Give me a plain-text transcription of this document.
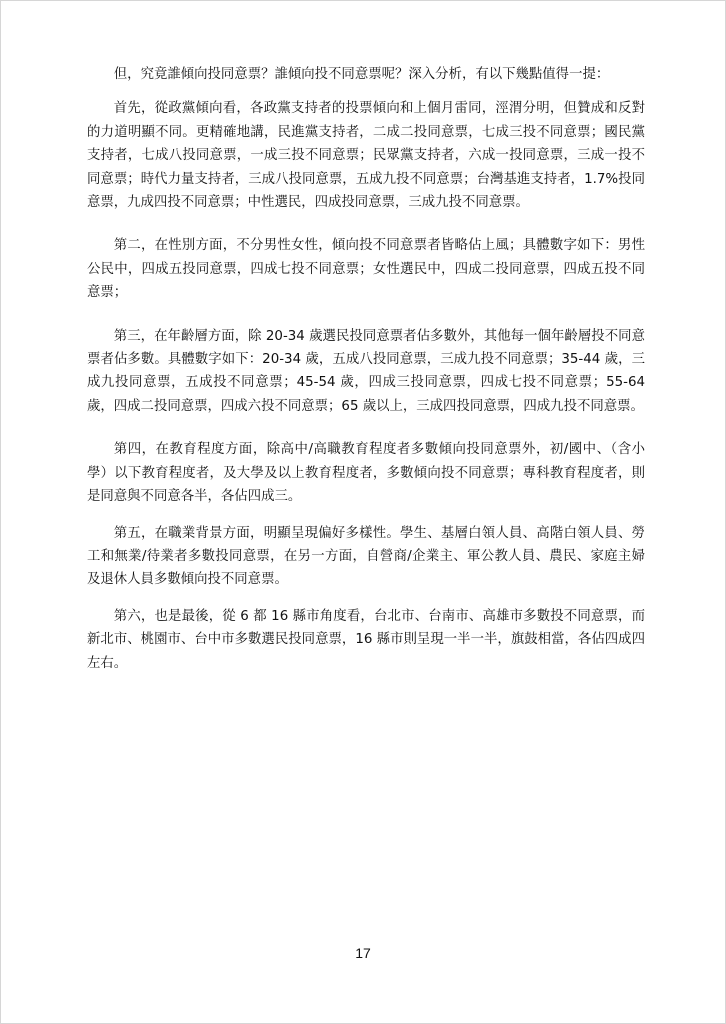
但，究竟誰傾向投同意票？誰傾向投不同意票呢？深入分析，有以下幾點值得一提：

首先，從政黨傾向看，各政黨支持者的投票傾向和上個月雷同，涇渭分明，但贊成和反對的力道明顯不同。更精確地講，民進黨支持者，二成二投同意票，七成三投不同意票；國民黨支持者，七成八投同意票，一成三投不同意票；民眾黨支持者，六成一投同意票，三成一投不同意票；時代力量支持者，三成八投同意票，五成九投不同意票；台灣基進支持者，1.7%投同意票，九成四投不同意票；中性選民，四成投同意票，三成九投不同意票。

第二，在性別方面，不分男性女性，傾向投不同意票者皆略佔上風；具體數字如下：男性公民中，四成五投同意票，四成七投不同意票；女性選民中，四成二投同意票，四成五投不同意票；

第三，在年齡層方面，除 20-34 歲選民投同意票者佔多數外，其他每一個年齡層投不同意票者佔多數。具體數字如下：20-34 歲，五成八投同意票，三成九投不同意票；35-44 歲，三成九投同意票，五成投不同意票；45-54 歲，四成三投同意票，四成七投不同意票；55-64 歲，四成二投同意票，四成六投不同意票；65 歲以上，三成四投同意票，四成九投不同意票。

第四，在教育程度方面，除高中/高職教育程度者多數傾向投同意票外，初/國中、（含小學）以下教育程度者，及大學及以上教育程度者，多數傾向投不同意票；專科教育程度者，則是同意與不同意各半，各佔四成三。

第五，在職業背景方面，明顯呈現偏好多樣性。學生、基層白領人員、高階白領人員、勞工和無業/待業者多數投同意票，在另一方面，自營商/企業主、軍公教人員、農民、家庭主婦及退休人員多數傾向投不同意票。

第六，也是最後，從 6 都 16 縣市角度看，台北市、台南市、高雄市多數投不同意票，而新北市、桃園市、台中市多數選民投同意票，16 縣市則呈現一半一半，旗鼓相當，各佔四成四左右。

17
